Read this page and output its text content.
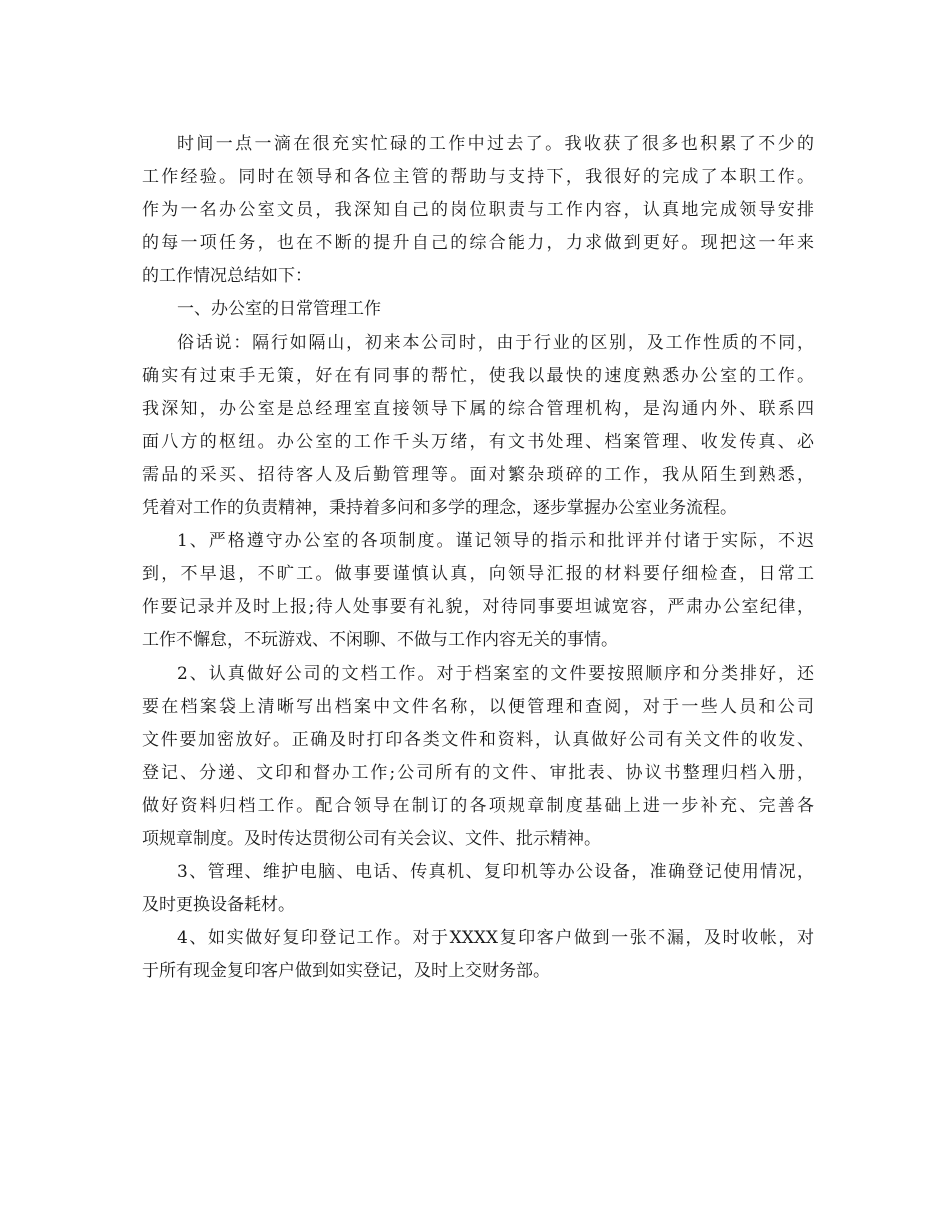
时间一点一滴在很充实忙碌的工作中过去了。我收获了很多也积累了不少的
工作经验。同时在领导和各位主管的帮助与支持下，我很好的完成了本职工作。
作为一名办公室文员，我深知自己的岗位职责与工作内容，认真地完成领导安排
的每一项任务，也在不断的提升自己的综合能力，力求做到更好。现把这一年来
的工作情况总结如下：
一、办公室的日常管理工作
俗话说：隔行如隔山，初来本公司时，由于行业的区别，及工作性质的不同，
确实有过束手无策，好在有同事的帮忙，使我以最快的速度熟悉办公室的工作。
我深知，办公室是总经理室直接领导下属的综合管理机构，是沟通内外、联系四
面八方的枢纽。办公室的工作千头万绪，有文书处理、档案管理、收发传真、必
需品的采买、招待客人及后勤管理等。面对繁杂琐碎的工作，我从陌生到熟悉，
凭着对工作的负责精神，秉持着多问和多学的理念，逐步掌握办公室业务流程。
1、严格遵守办公室的各项制度。谨记领导的指示和批评并付诸于实际，不迟
到，不早退，不旷工。做事要谨慎认真，向领导汇报的材料要仔细检查，日常工
作要记录并及时上报;待人处事要有礼貌，对待同事要坦诚宽容，严肃办公室纪律，
工作不懈怠，不玩游戏、不闲聊、不做与工作内容无关的事情。
2、认真做好公司的文档工作。对于档案室的文件要按照顺序和分类排好，还
要在档案袋上清晰写出档案中文件名称，以便管理和查阅，对于一些人员和公司
文件要加密放好。正确及时打印各类文件和资料，认真做好公司有关文件的收发、
登记、分递、文印和督办工作;公司所有的文件、审批表、协议书整理归档入册，
做好资料归档工作。配合领导在制订的各项规章制度基础上进一步补充、完善各
项规章制度。及时传达贯彻公司有关会议、文件、批示精神。
3、管理、维护电脑、电话、传真机、复印机等办公设备，准确登记使用情况，
及时更换设备耗材。
4、如实做好复印登记工作。对于XXXX复印客户做到一张不漏，及时收帐，对
于所有现金复印客户做到如实登记，及时上交财务部。
